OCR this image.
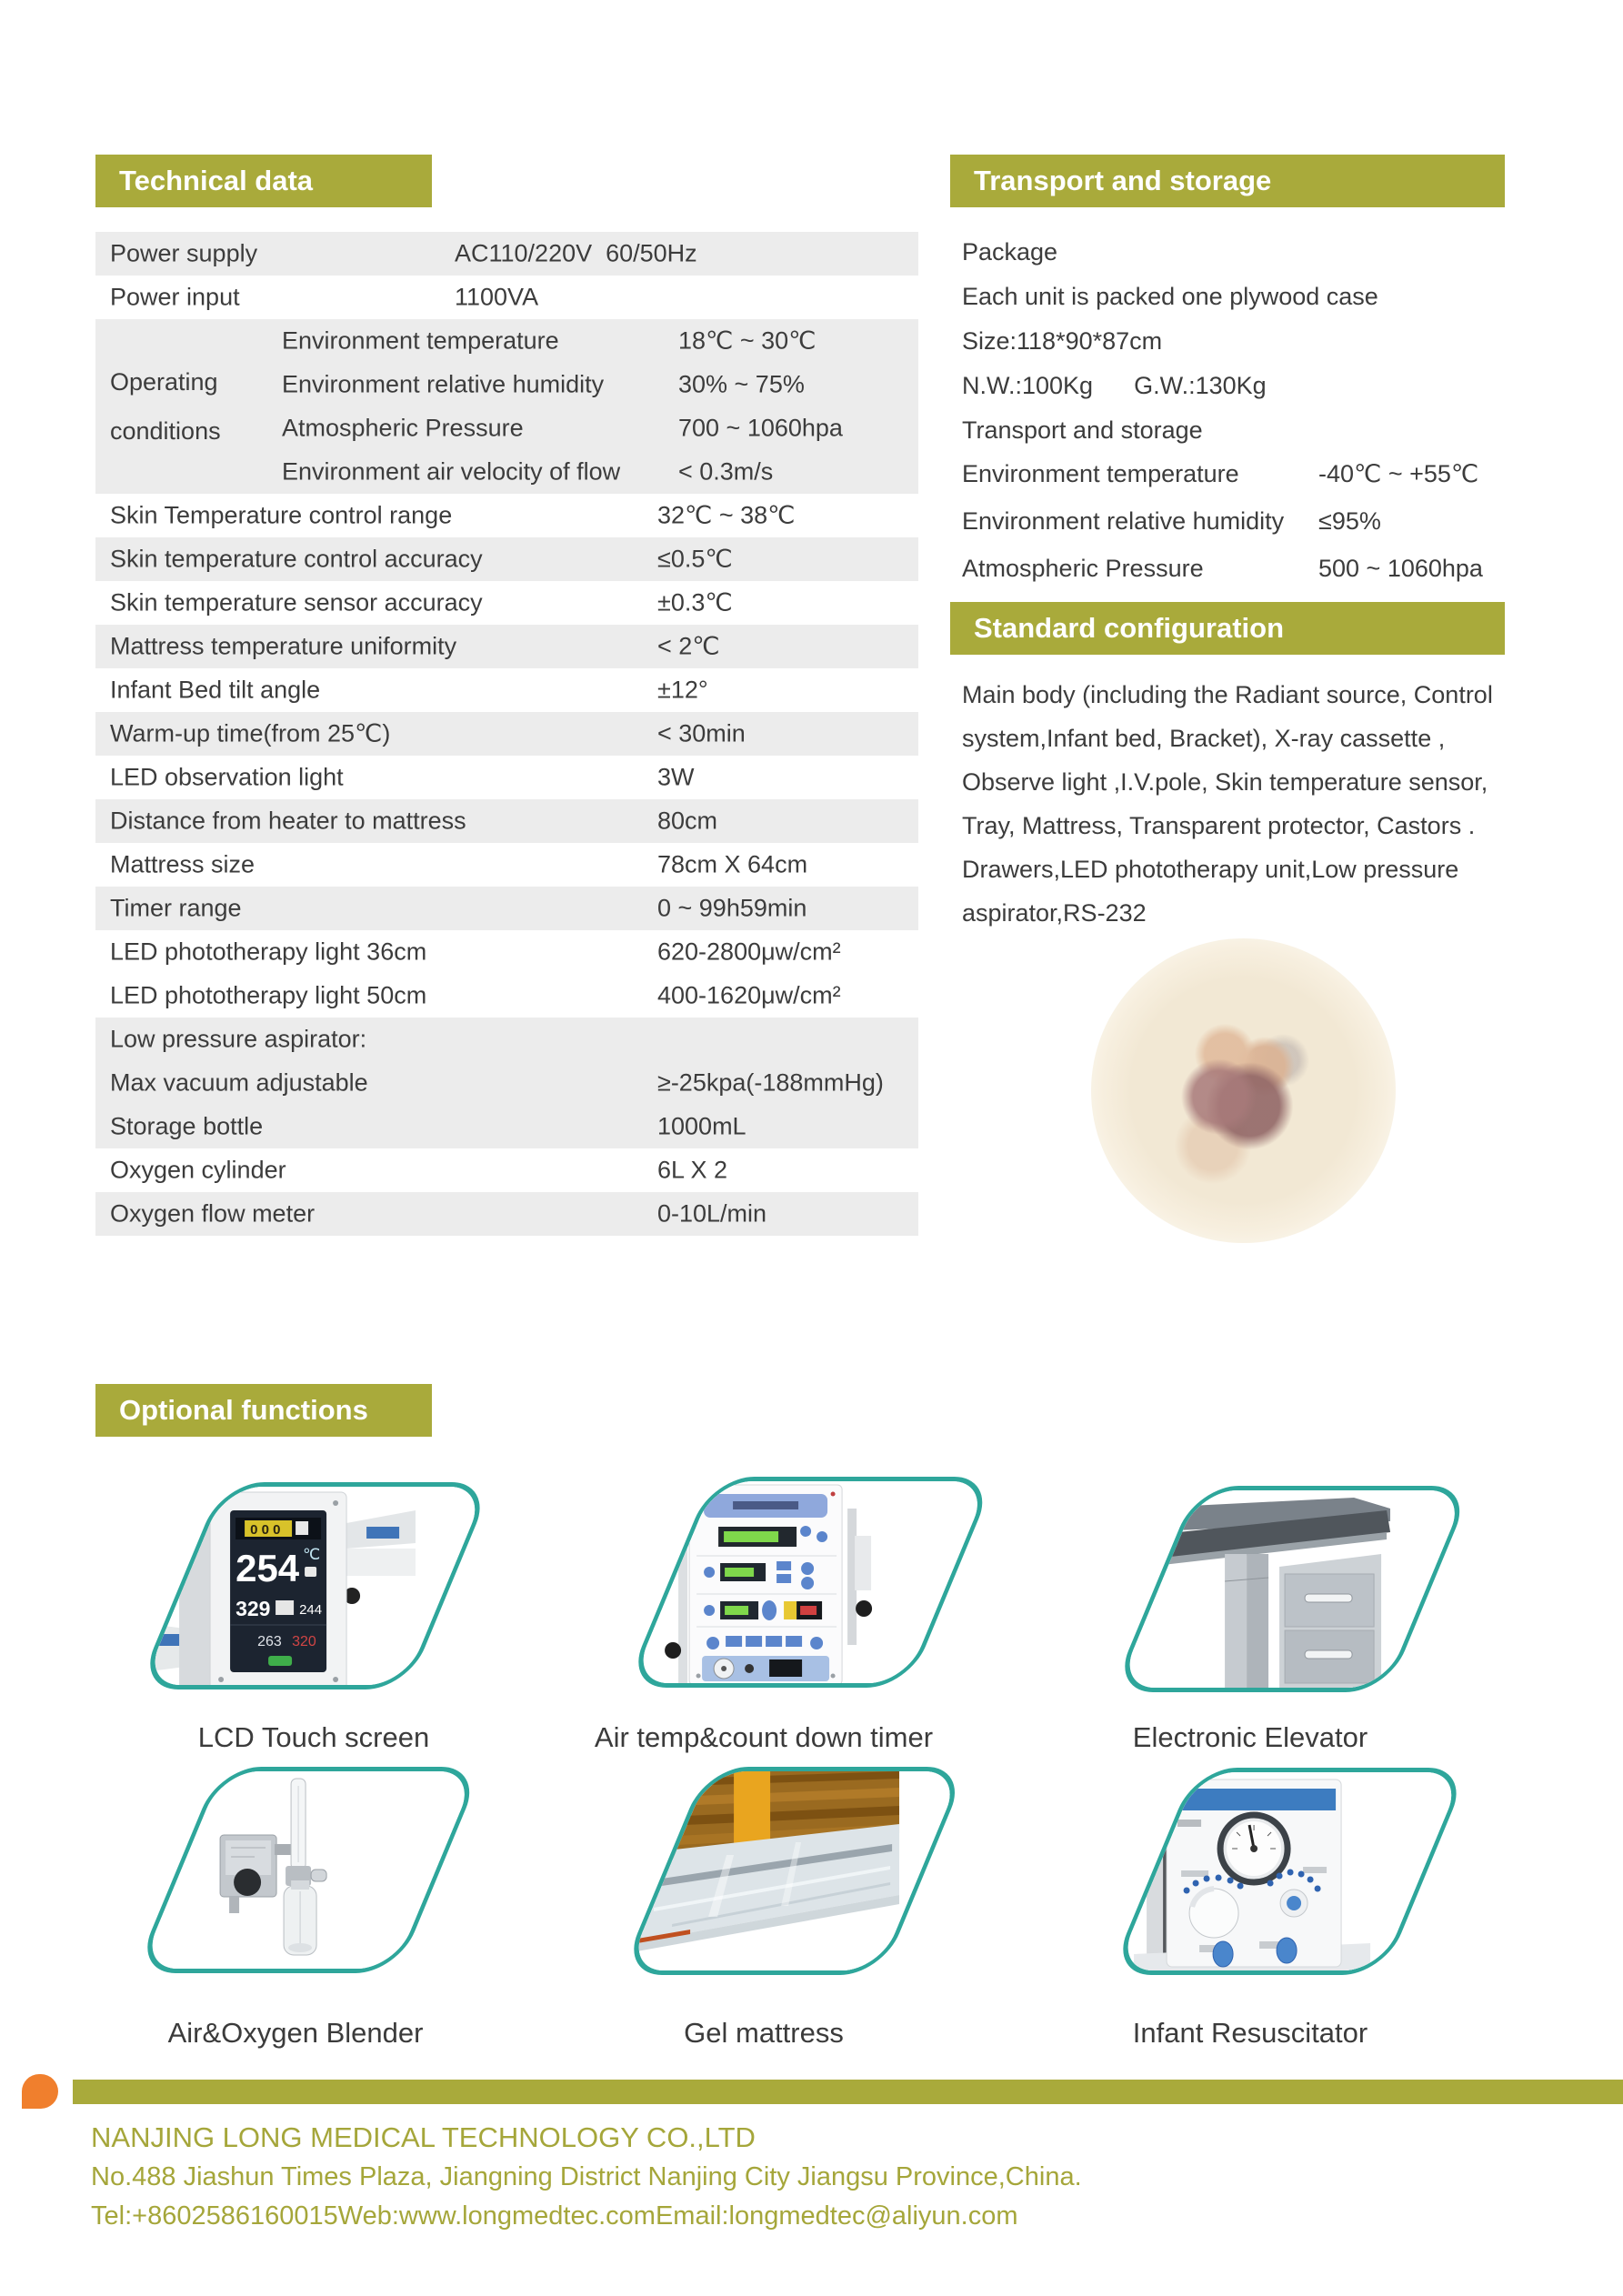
Technical data	Transport and storage
Power supply	AC110/220V  60/50Hz
Power input	1100VA
Operating
conditions
Environment temperature	18℃ ~ 30℃
Environment relative humidity	30% ~ 75%
Atmospheric Pressure	700 ~ 1060hpa
Environment air velocity of flow < 0.3m/s
Skin Temperature control range	32℃ ~ 38℃
Skin temperature control accuracy	≤0.5℃
Skin temperature sensor accuracy	±0.3℃
Mattress temperature uniformity	< 2℃
Infant Bed tilt angle	±12°
Warm-up time(from 25℃)	< 30min
LED observation light	3W
Distance from heater to mattress	80cm
Mattress size	78cm X 64cm
Timer range	0 ~ 99h59min
LED phototherapy light 36cm	620-2800μw/cm²
LED phototherapy light 50cm	400-1620μw/cm²
Low pressure aspirator:
Max vacuum adjustable	≥-25kpa(-188mmHg)
Storage bottle	1000mL
Oxygen cylinder	6L X 2
Oxygen flow meter	0-10L/min
Package
Each unit is packed one plywood case
Size:118*90*87cm
N.W.:100Kg      G.W.:130Kg
Transport and storage
Environment temperature	-40℃ ~ +55℃
Environment relative humidity ≤95%
Atmospheric Pressure	500 ~ 1060hpa
Standard configuration
Main body (including the Radiant source, Control system,Infant bed, Bracket), X-ray cassette , Observe light ,I.V.pole, Skin temperature sensor, Tray, Mattress, Transparent protector, Castors . Drawers,LED phototherapy unit,Low pressure aspirator,RS-232
Optional functions
0 0 0
254 ℃
329 244
263 320
LCD Touch screen	Air temp&count down timer	Electronic Elevator
Air&Oxygen Blender	Gel mattress	Infant Resuscitator
NANJING LONG MEDICAL TECHNOLOGY CO.,LTD
No.488 Jiashun Times Plaza, Jiangning District Nanjing City Jiangsu Province,China.
Tel:+8602586160015Web:www.longmedtec.comEmail:longmedtec@aliyun.com
